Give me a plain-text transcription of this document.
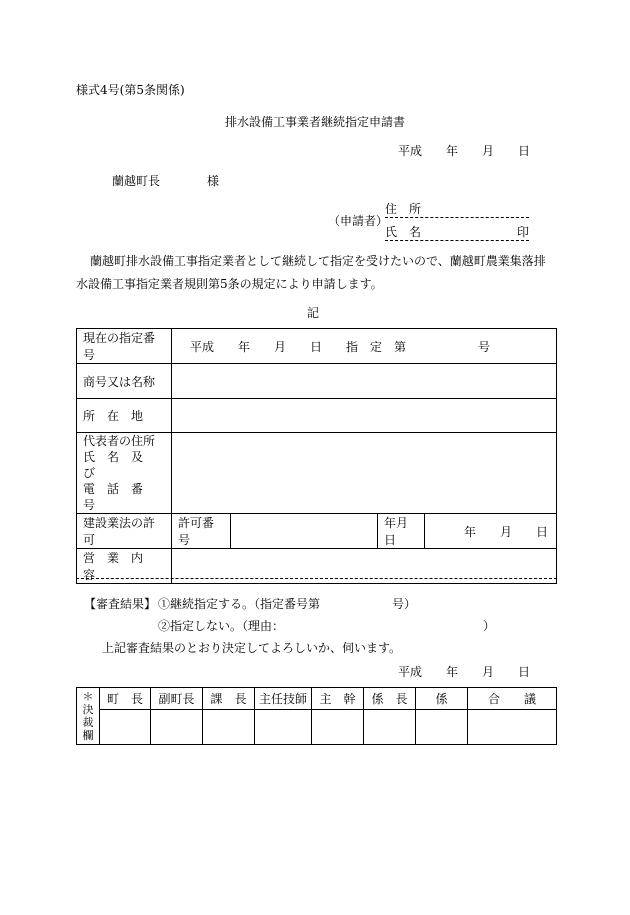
様式4号(第5条関係)
排水設備工事業者継続指定申請書
平成　　年　　月　　日
蘭越町長	様
（申請者）
住　所
氏　名	印
蘭越町排水設備工事指定業者として継続して指定を受けたいので、蘭越町農業集落排
水設備工事指定業者規則第5条の規定により申請します。
記
現在の指定番号	平成　　年　　月　　日　　指　定　第　　　　　　号			
商号又は名称				
所　在　地				

代表者の住所
氏　名　及　び
電　話　番　号				

建設業法の許可	許可番号		年月日	年　　月　　日
営　業　内　容				
【審査結果】 ①継続指定する。（指定番号第　　　　　　号）
②指定しない。（理由：	）
上記審査結果のとおり決定してよろしいか、伺います。
平成　　年　　月　　日
＊決裁欄	町　長	副町長	課　長	主任技師	主　幹	係　長	係	合　　議
